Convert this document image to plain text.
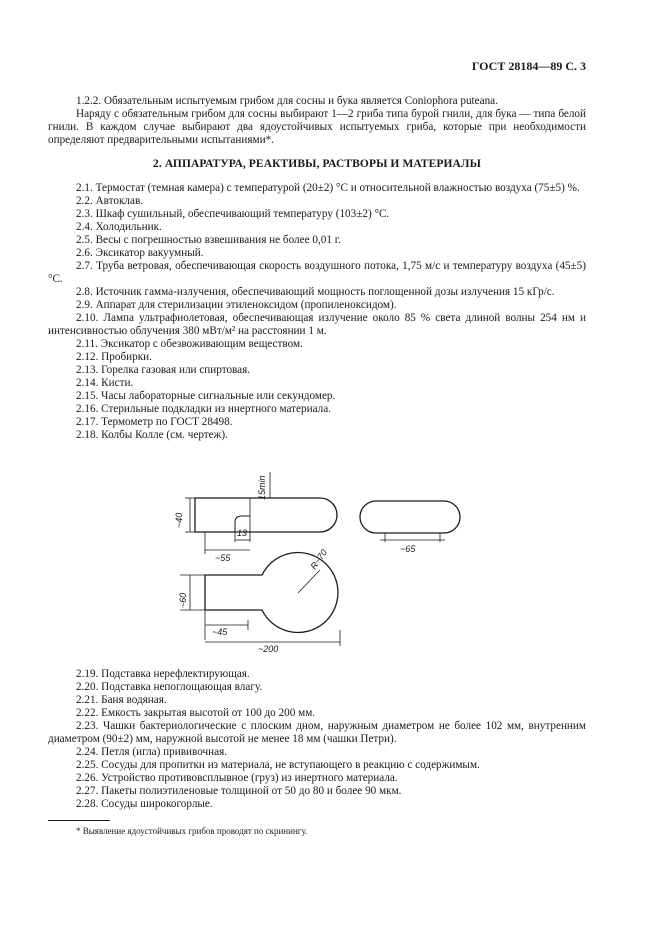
ГОСТ 28184—89 С. 3

1.2.2. Обязательным испытуемым грибом для сосны и бука является Coniophora puteana.

Наряду с обязательным грибом для сосны выбирают 1—2 гриба типа бурой гнили, для бука — типа белой гнили. В каждом случае выбирают два ядоустойчивых испытуемых гриба, которые при необходимости определяют предварительными испытаниями*.

2. АППАРАТУРА, РЕАКТИВЫ, РАСТВОРЫ И МАТЕРИАЛЫ

2.1. Термостат (темная камера) с температурой (20±2) °С и относительной влажностью воздуха (75±5) %.

2.2. Автоклав.

2.3. Шкаф сушильный, обеспечивающий температуру (103±2) °С.

2.4. Холодильник.

2.5. Весы с погрешностью взвешивания не более 0,01 г.

2.6. Эксикатор вакуумный.

2.7. Труба ветровая, обеспечивающая скорость воздушного потока, 1,75 м/с и температуру воздуха (45±5) °С.

2.8. Источник гамма-излучения, обеспечивающий мощность поглощенной дозы излучения 15 кГр/с.

2.9. Аппарат для стерилизации этиленоксидом (пропиленоксидом).

2.10. Лампа ультрафиолетовая, обеспечивающая излучение около 85 % света длиной волны 254 нм и интенсивностью облучения 380 мВт/м² на расстоянии 1 м.

2.11. Эксикатор с обезвоживающим веществом.

2.12. Пробирки.

2.13. Горелка газовая или спиртовая.

2.14. Кисти.

2.15. Часы лабораторные сигнальные или секундомер.

2.16. Стерильные подкладки из инертного материала.

2.17. Термометр по ГОСТ 28498.

2.18. Колбы Колле (см. чертеж).

15min
~40
13
~55
~65
R~70
~60
~45
~200

2.19. Подставка нерефлектирующая.

2.20. Подставка непоглощающая влагу.

2.21. Баня водяная.

2.22. Емкость закрытая высотой от 100 до 200 мм.

2.23. Чашки бактериологические с плоским дном, наружным диаметром не более 102 мм, внутренним диаметром (90±2) мм, наружной высотой не менее 18 мм (чашки Петри).

2.24. Петля (игла) прививочная.

2.25. Сосуды для пропитки из материала, не вступающего в реакцию с содержимым.

2.26. Устройство противовсплывное (груз) из инертного материала.

2.27. Пакеты полиэтиленовые толщиной от 50 до 80 и более 90 мкм.

2.28. Сосуды широкогорлые.

* Выявление ядоустойчивых грибов проводят по скринингу.
